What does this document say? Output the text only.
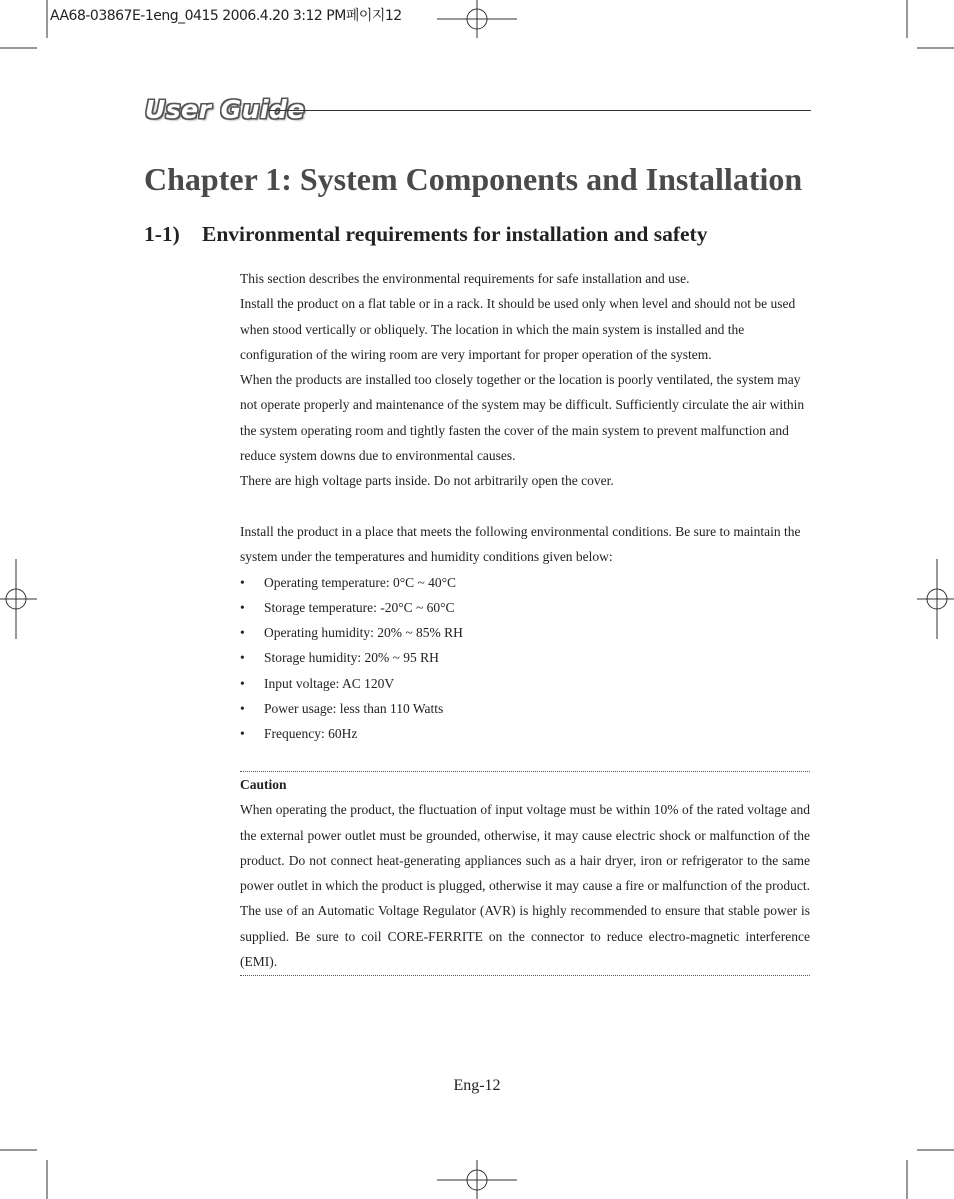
AA68-03867E-1eng_0415 2006.4.20 3:12 PM페이지12
User Guide
Chapter 1: System Components and Installation
1-1) Environmental requirements for installation and safety

This section describes the environmental requirements for safe installation and use.

Install the product on a flat table or in a rack. It should be used only when level and should not be used when stood vertically or obliquely. The location in which the main system is installed and the configuration of the wiring room are very important for proper operation of the system.

When the products are installed too closely together or the location is poorly ventilated, the system may not operate properly and maintenance of the system may be difficult. Sufficiently circulate the air within the system operating room and tightly fasten the cover of the main system to prevent malfunction and reduce system downs due to environmental causes.

There are high voltage parts inside. Do not arbitrarily open the cover.

Install the product in a place that meets the following environmental conditions. Be sure to maintain the system under the temperatures and humidity conditions given below:

• Operating temperature: 0°C ~ 40°C
• Storage temperature: -20°C ~ 60°C
• Operating humidity: 20% ~ 85% RH
• Storage humidity: 20% ~ 95 RH
• Input voltage: AC 120V
• Power usage: less than 110 Watts
• Frequency: 60Hz

Caution

When operating the product, the fluctuation of input voltage must be within 10% of the rated voltage and the external power outlet must be grounded, otherwise, it may cause electric shock or malfunction of the product. Do not connect heat-generating appliances such as a hair dryer, iron or refrigerator to the same power outlet in which the product is plugged, otherwise it may cause a fire or malfunction of the product. The use of an Automatic Voltage Regulator (AVR) is highly recommended to ensure that stable power is supplied. Be sure to coil CORE-FERRITE on the connector to reduce electro-magnetic interference (EMI).

Eng-12
